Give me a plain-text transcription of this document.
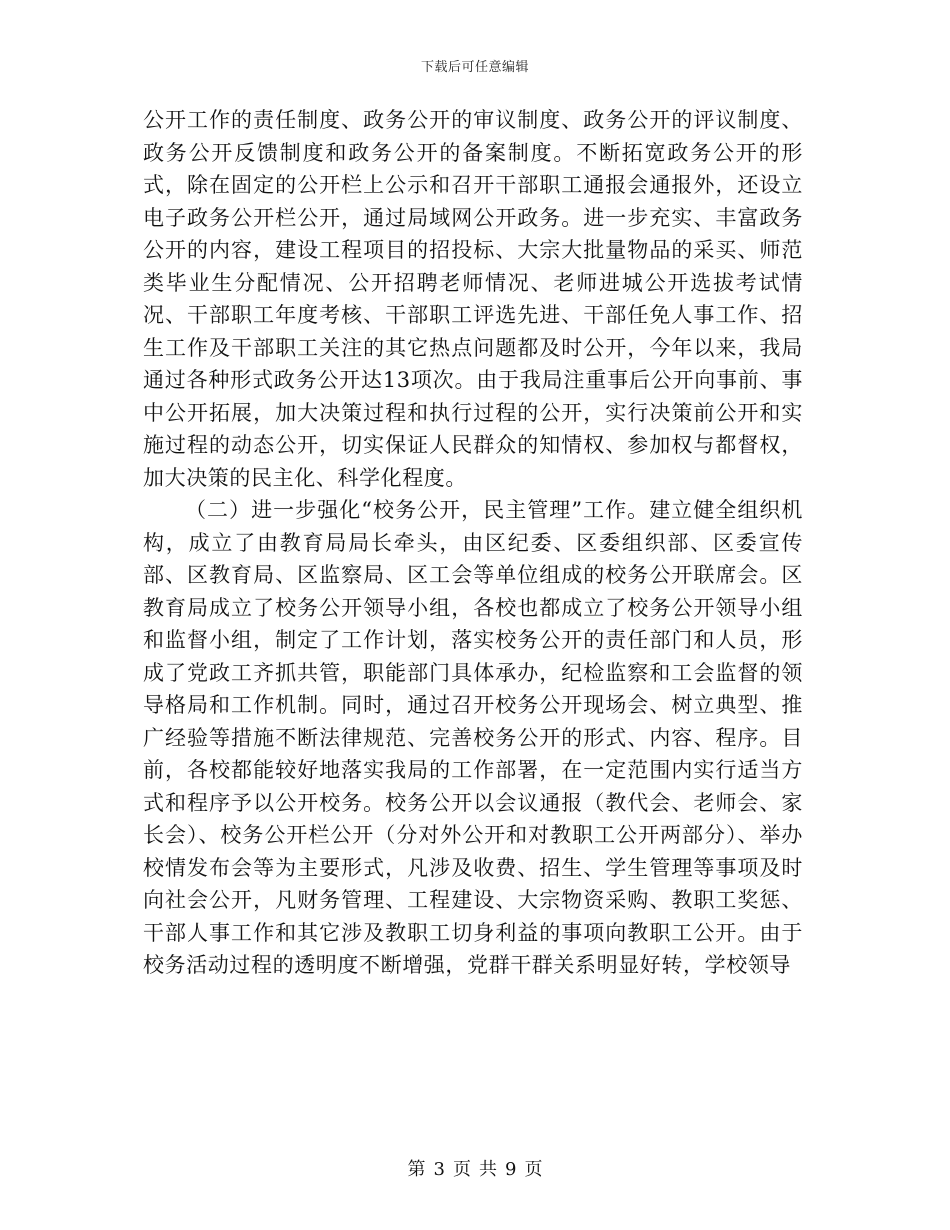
下载后可任意编辑

公开工作的责任制度、政务公开的审议制度、政务公开的评议制度、政务公开反馈制度和政务公开的备案制度。不断拓宽政务公开的形式，除在固定的公开栏上公示和召开干部职工通报会通报外，还设立电子政务公开栏公开，通过局域网公开政务。进一步充实、丰富政务公开的内容，建设工程项目的招投标、大宗大批量物品的采买、师范类毕业生分配情况、公开招聘老师情况、老师进城公开选拔考试情况、干部职工年度考核、干部职工评选先进、干部任免人事工作、招生工作及干部职工关注的其它热点问题都及时公开，今年以来，我局通过各种形式政务公开达13项次。由于我局注重事后公开向事前、事中公开拓展，加大决策过程和执行过程的公开，实行决策前公开和实施过程的动态公开，切实保证人民群众的知情权、参加权与都督权，加大决策的民主化、科学化程度。

（二）进一步强化“校务公开，民主管理”工作。建立健全组织机构，成立了由教育局局长牵头，由区纪委、区委组织部、区委宣传部、区教育局、区监察局、区工会等单位组成的校务公开联席会。区教育局成立了校务公开领导小组，各校也都成立了校务公开领导小组和监督小组，制定了工作计划，落实校务公开的责任部门和人员，形成了党政工齐抓共管，职能部门具体承办，纪检监察和工会监督的领导格局和工作机制。同时，通过召开校务公开现场会、树立典型、推广经验等措施不断法律规范、完善校务公开的形式、内容、程序。目前，各校都能较好地落实我局的工作部署，在一定范围内实行适当方式和程序予以公开校务。校务公开以会议通报（教代会、老师会、家长会）、校务公开栏公开（分对外公开和对教职工公开两部分）、举办校情发布会等为主要形式，凡涉及收费、招生、学生管理等事项及时向社会公开，凡财务管理、工程建设、大宗物资采购、教职工奖惩、干部人事工作和其它涉及教职工切身利益的事项向教职工公开。由于校务活动过程的透明度不断增强，党群干群关系明显好转，学校领导

第 3 页 共 9 页
